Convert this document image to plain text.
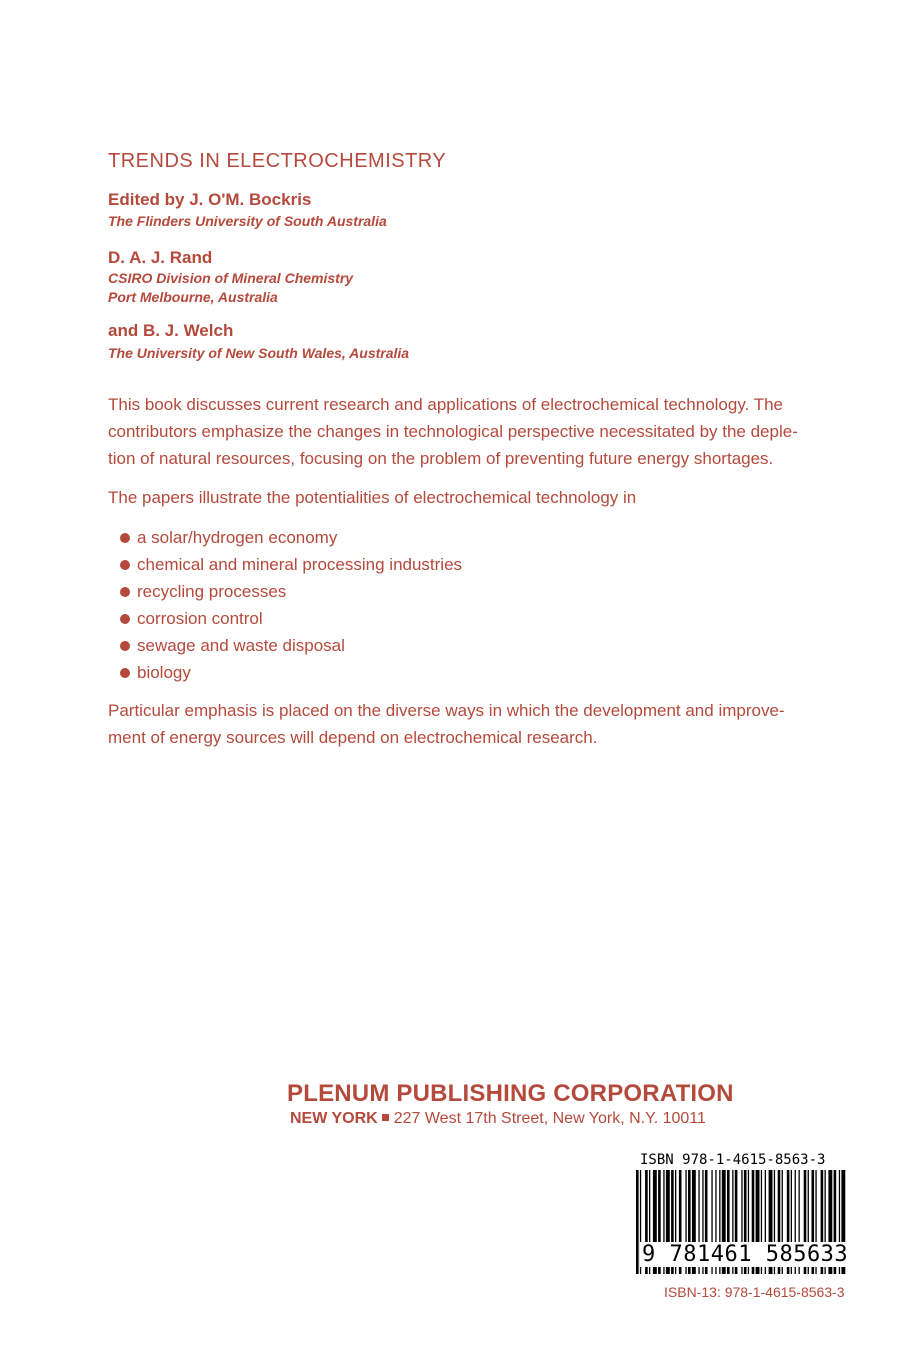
TRENDS IN ELECTROCHEMISTRY
Edited by J. O'M. Bockris
The Flinders University of South Australia
D. A. J. Rand
CSIRO Division of Mineral Chemistry
Port Melbourne, Australia
and B. J. Welch
The University of New South Wales, Australia
This book discusses current research and applications of electrochemical technology. The
contributors emphasize the changes in technological perspective necessitated by the deple-
tion of natural resources, focusing on the problem of preventing future energy shortages.
The papers illustrate the potentialities of electrochemical technology in
a solar/hydrogen economy
chemical and mineral processing industries
recycling processes
corrosion control
sewage and waste disposal
biology
Particular emphasis is placed on the diverse ways in which the development and improve-
ment of energy sources will depend on electrochemical research.
PLENUM PUBLISHING CORPORATION
NEW YORK 227 West 17th Street, New York, N.Y. 10011
ISBN 978-1-4615-8563-3
9 781461 585633
ISBN-13: 978-1-4615-8563-3
